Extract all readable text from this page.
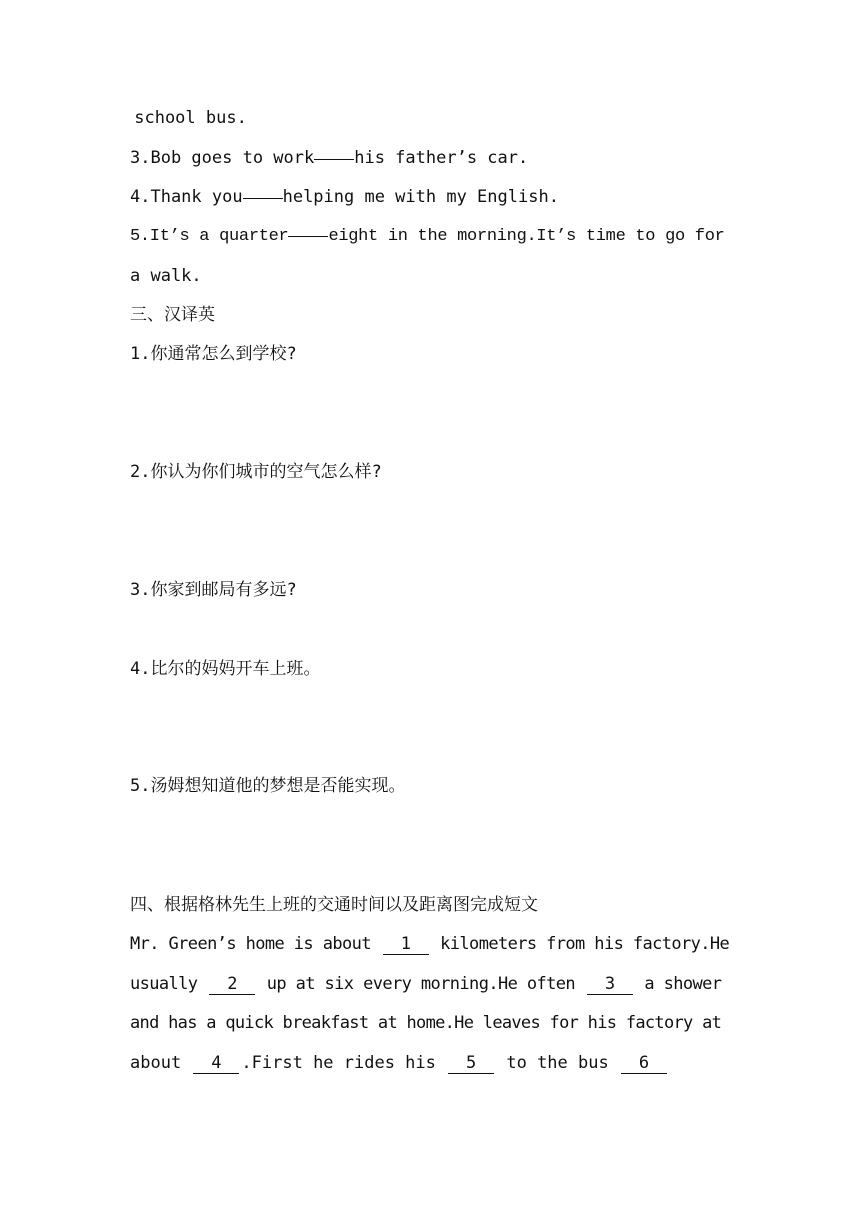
school bus.
3.Bob goes to work his father’s car.
4.Thank you helping me with my English.
5.It’s a quarter eight in the morning.It’s time to go for
a walk.
三、汉译英
1.你通常怎么到学校?
2.你认为你们城市的空气怎么样?
3.你家到邮局有多远?
4.比尔的妈妈开车上班。
5.汤姆想知道他的梦想是否能实现。
四、根据格林先生上班的交通时间以及距离图完成短文
Mr. Green’s home is about 1 kilometers from his factory.He
usually 2 up at six every morning.He often 3 a shower
and has a quick breakfast at home.He leaves for his factory at
about 4 .First he rides his 5 to the bus 6
